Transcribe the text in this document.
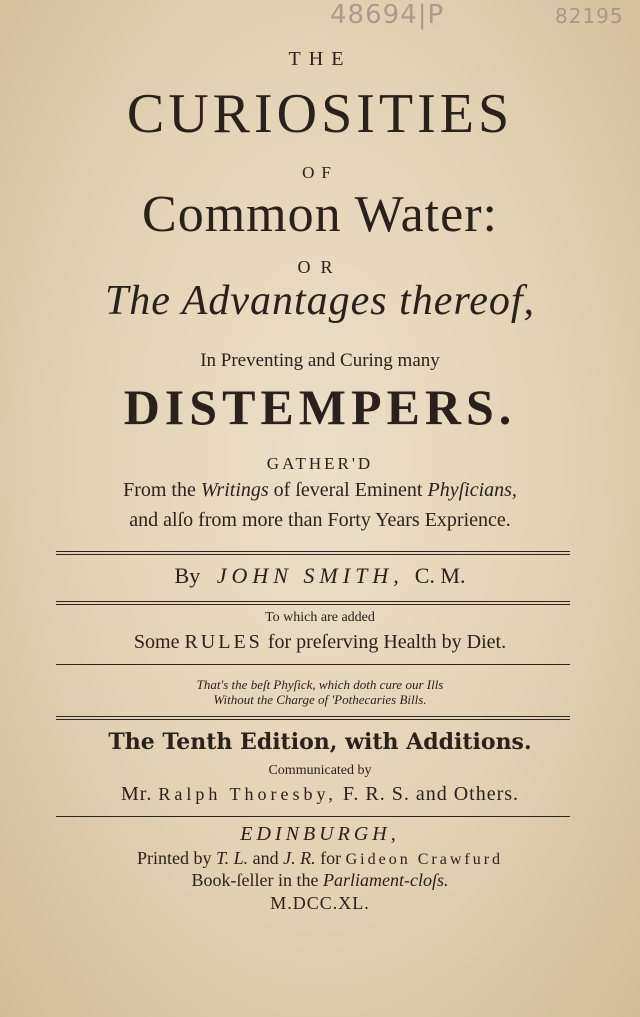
48694|P	82195
THE
CURIOSITIES
OF
Common Water:
OR
The Advantages thereof,
In Preventing and Curing many
DISTEMPERS.
GATHER'D
From the Writings of ſeveral Eminent Phyſicians,
and alſo from more than Forty Years Exprience.
By JOHN SMITH, C. M.
To which are added
Some RULES for preſerving Health by Diet.
That's the beſt Phyſick, which doth cure our Ills
Without the Charge of 'Pothecaries Bills.
The Tenth Edition, with Additions.
Communicated by
Mr. Ralph Thoresby, F. R. S. and Others.
EDINBURGH,
Printed by T. L. and J. R. for Gideon Crawfurd
Book-ſeller in the Parliament-cloſs.
M.DCC.XL.
